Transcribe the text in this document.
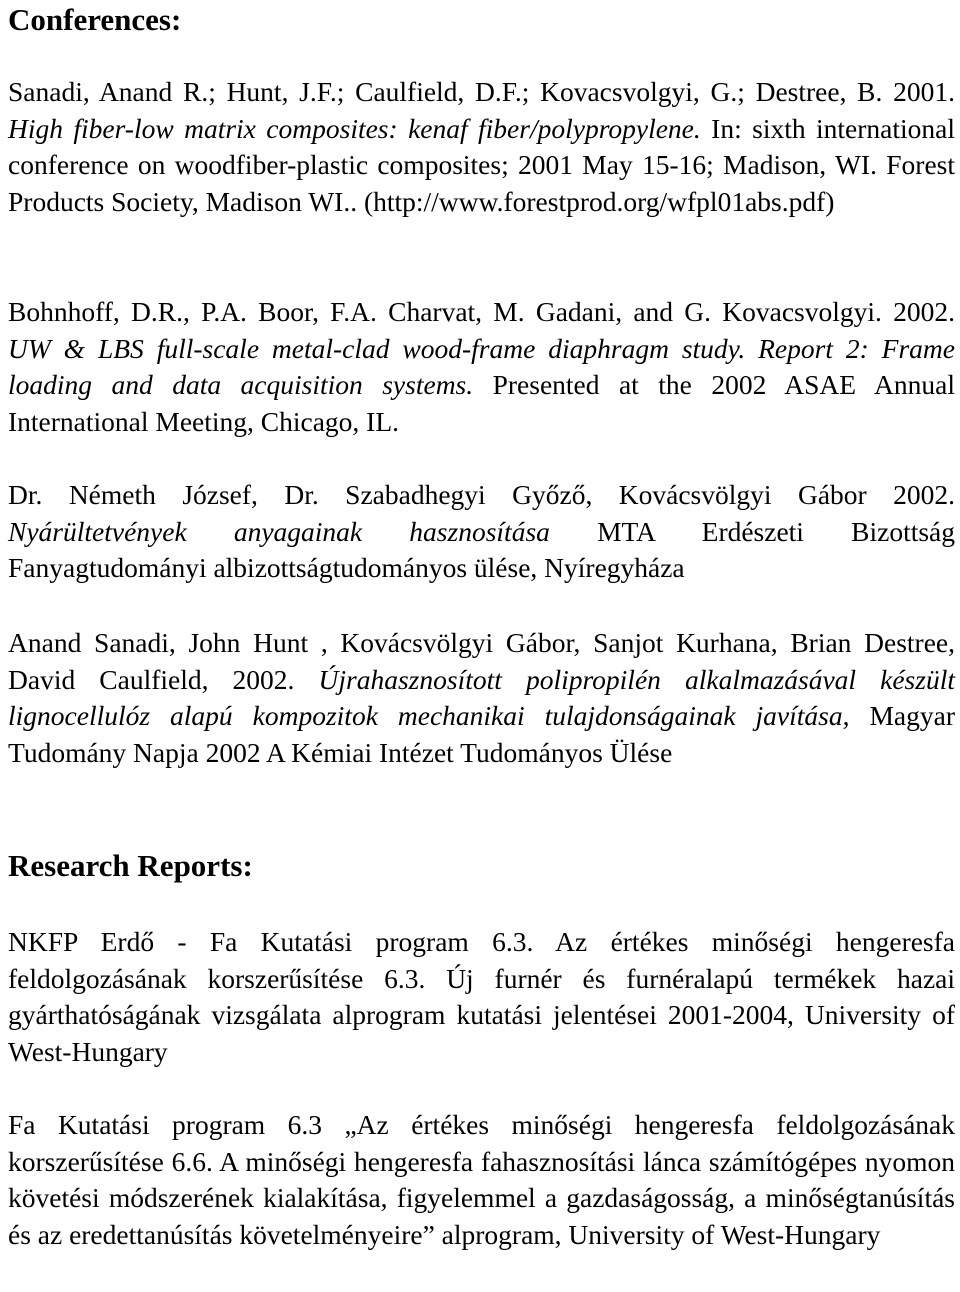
Conferences:

Sanadi, Anand R.; Hunt, J.F.; Caulfield, D.F.; Kovacsvolgyi, G.; Destree, B. 2001. High fiber-low matrix composites: kenaf fiber/polypropylene. In: sixth international conference on woodfiber-plastic composites; 2001 May 15-16; Madison, WI. Forest Products Society, Madison WI.. (http://www.forestprod.org/wfpl01abs.pdf)

Bohnhoff, D.R., P.A. Boor, F.A. Charvat, M. Gadani, and G. Kovacsvolgyi. 2002. UW & LBS full-scale metal-clad wood-frame diaphragm study. Report 2: Frame loading and data acquisition systems. Presented at the 2002 ASAE Annual International Meeting, Chicago, IL.

Dr. Németh József, Dr. Szabadhegyi Győző, Kovácsvölgyi Gábor 2002. Nyárültetvények anyagainak hasznosítása MTA Erdészeti Bizottság Fanyagtudományi albizottságtudományos ülése, Nyíregyháza

Anand Sanadi, John Hunt , Kovácsvölgyi Gábor, Sanjot Kurhana, Brian Destree, David Caulfield, 2002. Újrahasznosított polipropilén alkalmazásával készült lignocellulóz alapú kompozitok mechanikai tulajdonságainak javítása, Magyar Tudomány Napja 2002 A Kémiai Intézet Tudományos Ülése

Research Reports:

NKFP Erdő - Fa Kutatási program 6.3. Az értékes minőségi hengeresfa feldolgozásának korszerűsítése 6.3. Új furnér és furnéralapú termékek hazai gyárthatóságának vizsgálata alprogram kutatási jelentései 2001-2004, University of West-Hungary

Fa Kutatási program 6.3 „Az értékes minőségi hengeresfa feldolgozásának korszerűsítése 6.6. A minőségi hengeresfa fahasznosítási lánca számítógépes nyomon követési módszerének kialakítása, figyelemmel a gazdaságosság, a minőségtanúsítás és az eredettanúsítás követelményeire” alprogram, University of West-Hungary
